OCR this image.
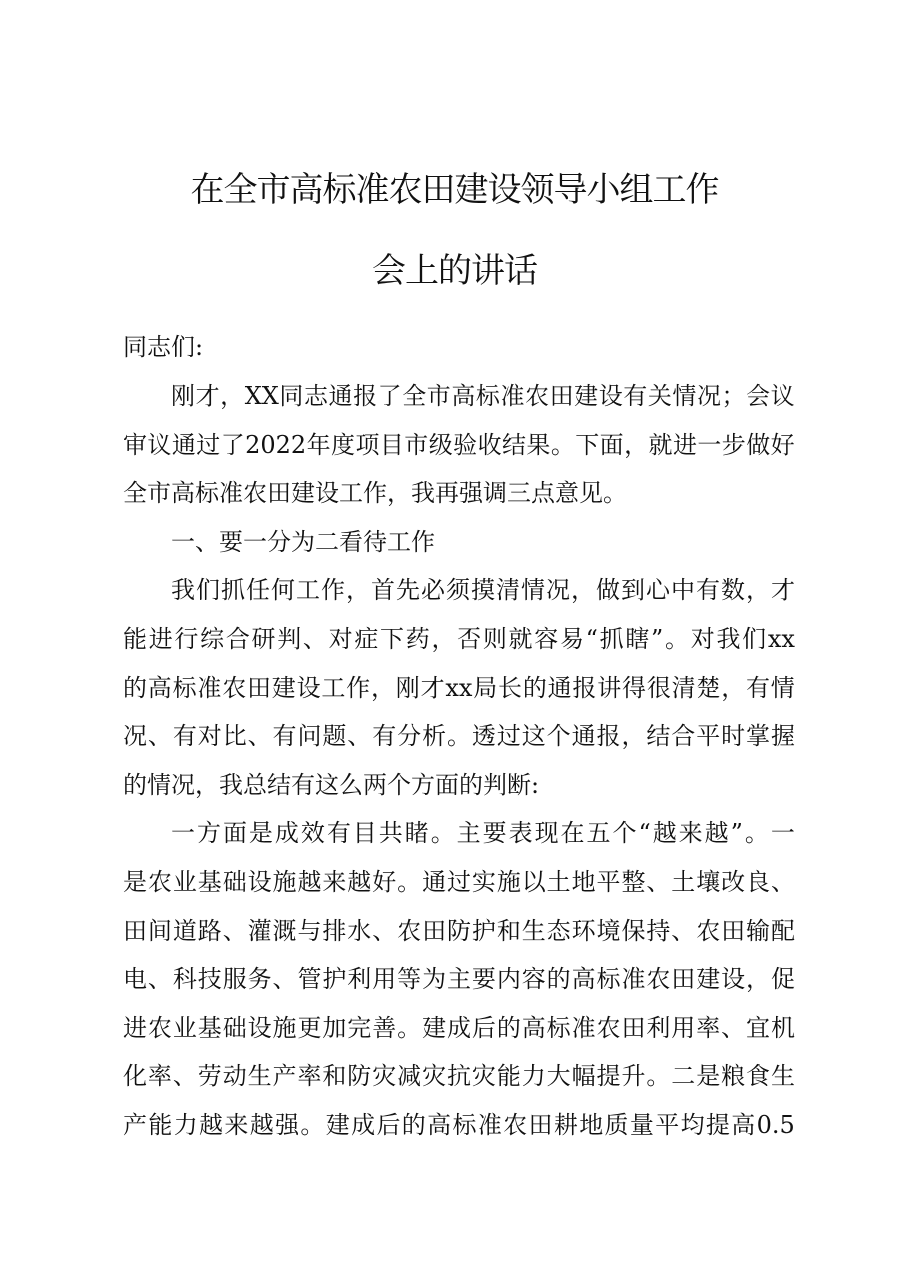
在全市高标准农田建设领导小组工作
会上的讲话
同志们:
刚 才 ， XX 同 志 通 报 了 全 市 高 标 准 农 田 建 设 有 关 情 况 ； 会 议
审 议 通 过 了 2022 年 度 项 目 市 级 验 收 结 果 。 下 面 ， 就 进 一 步 做 好
全市高标准农田建设工作，我再强调三点意见。
一、要一分为二看待工作
我 们 抓 任 何 工 作 ， 首 先 必 须 摸 清 情 况 ， 做 到 心 中 有 数 ， 才
能 进 行 综 合 研 判 、 对 症 下 药 ， 否 则 就 容 易 “ 抓 瞎 ” 。 对 我 们 xx
的 高 标 准 农 田 建 设 工 作 ， 刚 才 xx 局 长 的 通 报 讲 得 很 清 楚 ， 有 情
况 、 有 对 比 、 有 问 题 、 有 分 析 。 透 过 这 个 通 报 ， 结 合 平 时 掌 握
的情况，我总结有这么两个方面的判断:
一 方 面 是 成 效 有 目 共 睹 。 主 要 表 现 在 五 个 “ 越 来 越 ” 。 一
是 农 业 基 础 设 施 越 来 越 好 。 通 过 实 施 以 土 地 平 整 、 土 壤 改 良 、
田 间 道 路 、 灌 溉 与 排 水 、 农 田 防 护 和 生 态 环 境 保 持 、 农 田 输 配
电 、 科 技 服 务 、 管 护 利 用 等 为 主 要 内 容 的 高 标 准 农 田 建 设 ， 促
进 农 业 基 础 设 施 更 加 完 善 。 建 成 后 的 高 标 准 农 田 利 用 率 、 宜 机
化 率 、 劳 动 生 产 率 和 防 灾 减 灾 抗 灾 能 力 大 幅 提 升 。 二 是 粮 食 生
产 能 力 越 来 越 强 。 建 成 后 的 高 标 准 农 田 耕 地 质 量 平 均 提 高 0.5
